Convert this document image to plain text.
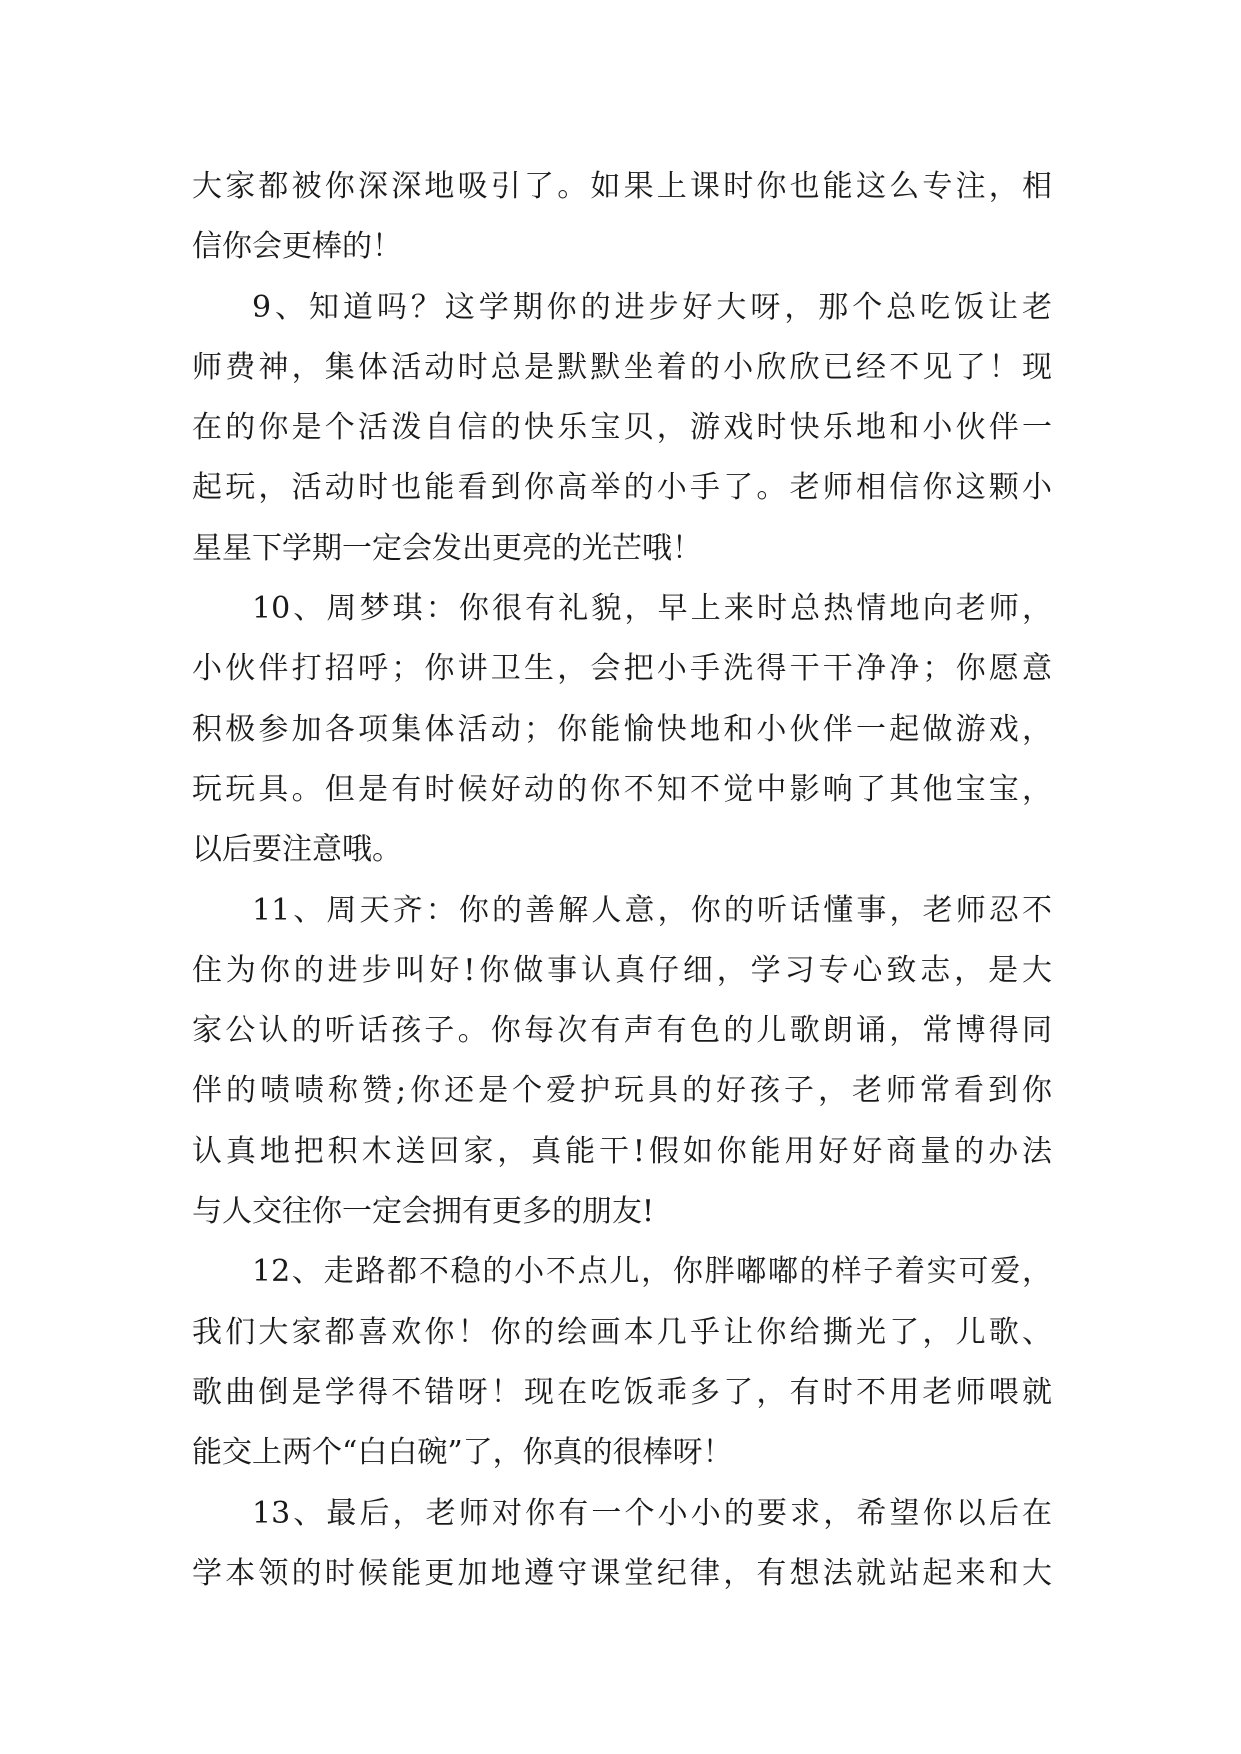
大家都被你深深地吸引了。如果上课时你也能这么专注，相
信你会更棒的！
9、知道吗？这学期你的进步好大呀，那个总吃饭让老
师费神，集体活动时总是默默坐着的小欣欣已经不见了！现
在的你是个活泼自信的快乐宝贝，游戏时快乐地和小伙伴一
起玩，活动时也能看到你高举的小手了。老师相信你这颗小
星星下学期一定会发出更亮的光芒哦！
10、周梦琪：你很有礼貌，早上来时总热情地向老师，
小伙伴打招呼；你讲卫生，会把小手洗得干干净净；你愿意
积极参加各项集体活动；你能愉快地和小伙伴一起做游戏，
玩玩具。但是有时候好动的你不知不觉中影响了其他宝宝，
以后要注意哦。
11、周天齐：你的善解人意，你的听话懂事，老师忍不
住为你的进步叫好!你做事认真仔细，学习专心致志，是大
家公认的听话孩子。你每次有声有色的儿歌朗诵，常博得同
伴的啧啧称赞;你还是个爱护玩具的好孩子，老师常看到你
认真地把积木送回家，真能干!假如你能用好好商量的办法
与人交往你一定会拥有更多的朋友!
12、走路都不稳的小不点儿，你胖嘟嘟的样子着实可爱，
我们大家都喜欢你！你的绘画本几乎让你给撕光了，儿歌、
歌曲倒是学得不错呀！现在吃饭乖多了，有时不用老师喂就
能交上两个“白白碗”了，你真的很棒呀！
13、最后，老师对你有一个小小的要求，希望你以后在
学本领的时候能更加地遵守课堂纪律，有想法就站起来和大
